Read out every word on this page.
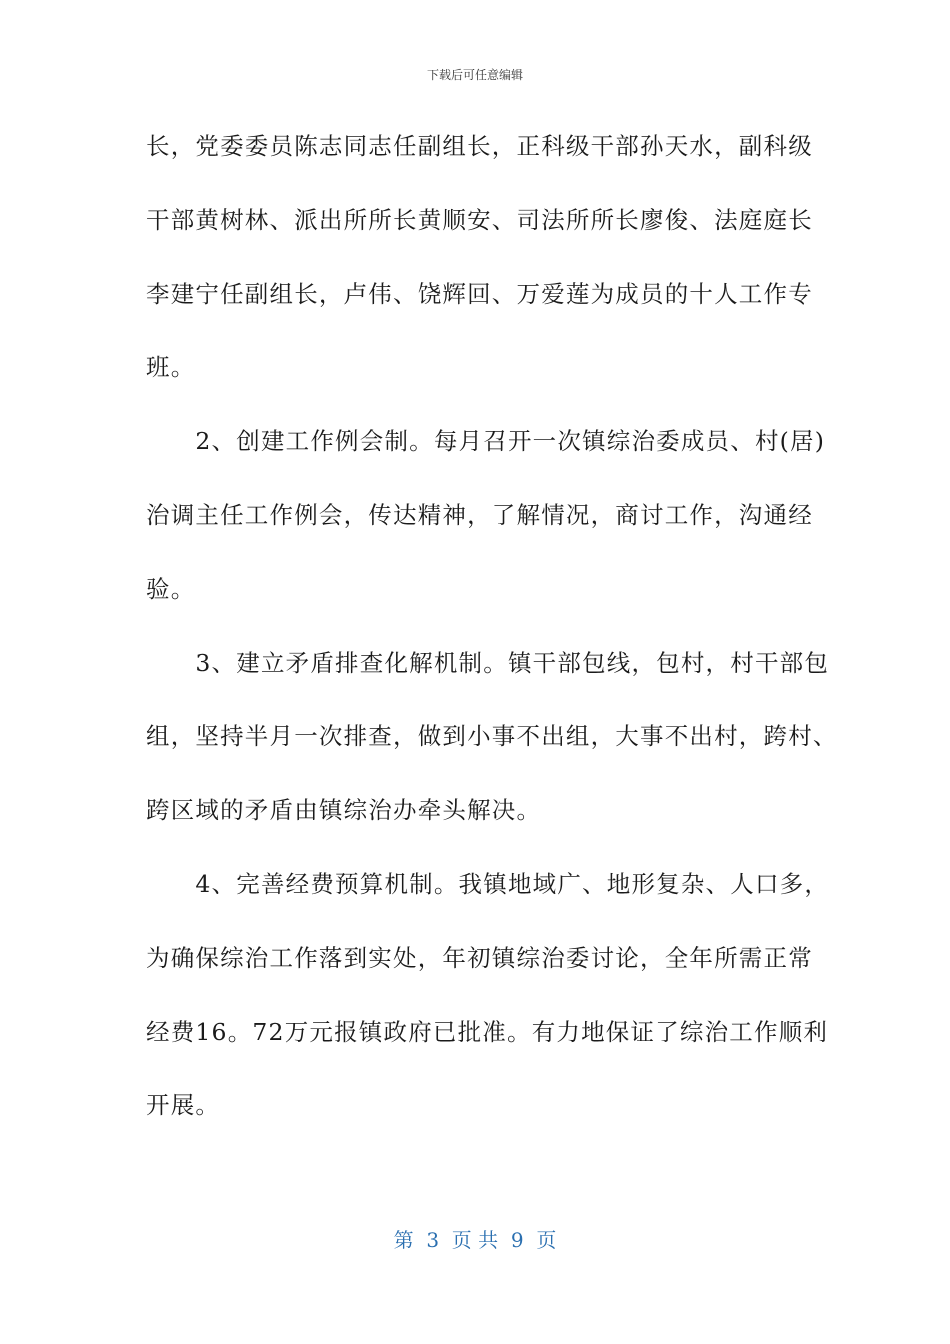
下载后可任意编辑
长，党委委员陈志同志任副组长，正科级干部孙天水，副科级
干部黄树林、派出所所长黄顺安、司法所所长廖俊、法庭庭长
李建宁任副组长，卢伟、饶辉回、万爱莲为成员的十人工作专
班。
　　2、创建工作例会制。每月召开一次镇综治委成员、村(居)
治调主任工作例会，传达精神，了解情况，商讨工作，沟通经
验。
　　3、建立矛盾排查化解机制。镇干部包线，包村，村干部包
组，坚持半月一次排查，做到小事不出组，大事不出村，跨村、
跨区域的矛盾由镇综治办牵头解决。
　　4、完善经费预算机制。我镇地域广、地形复杂、人口多，
为确保综治工作落到实处，年初镇综治委讨论，全年所需正常
经费16。72万元报镇政府已批准。有力地保证了综治工作顺利
开展。
第  3  页 共  9  页
